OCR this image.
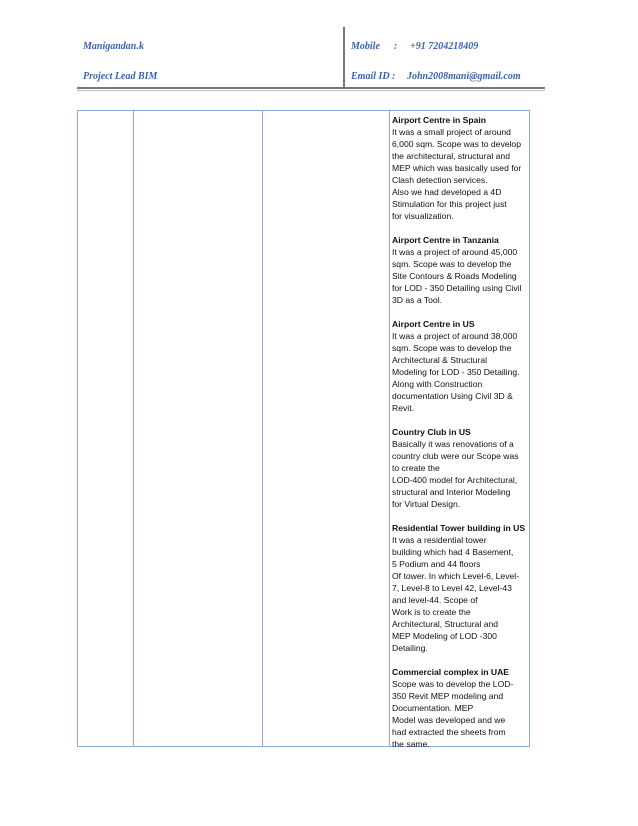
Manigandan.k
Project Lead BIM
Mobile : +91 7204218409
Email ID : John2008mani@gmail.com
Airport Centre in Spain
It was a small project of around
6,000 sqm. Scope was to develop
the architectural, structural and
MEP which was basically used for
Clash detection services.
Also we had developed a 4D
Stimulation for this project just
for visualization.
Airport Centre in Tanzania
It was a project of around 45,000
sqm. Scope was to develop the
Site Contours & Roads Modeling
for LOD - 350 Detailing using Civil
3D as a Tool.
Airport Centre in US
It was a project of around 38,000
sqm. Scope was to develop the
Architectural & Structural
Modeling for LOD - 350 Detailing.
Along with Construction
documentation Using Civil 3D &
Revit.
Country Club in US
Basically it was renovations of a
country club were our Scope was
to create the
LOD-400 model for Architectural,
structural and Interior Modeling
for Virtual Design.
Residential Tower building in US
It was a residential tower
building which had 4 Basement,
5 Podium and 44 floors
Of tower. In which Level-6, Level-
7, Level-8 to Level 42, Level-43
and level-44. Scope of
Work is to create the
Architectural, Structural and
MEP Modeling of LOD -300
Detailing.
Commercial complex in UAE
Scope was to develop the LOD-
350 Revit MEP modeling and
Documentation. MEP
Model was developed and we
had extracted the sheets from
the same.
